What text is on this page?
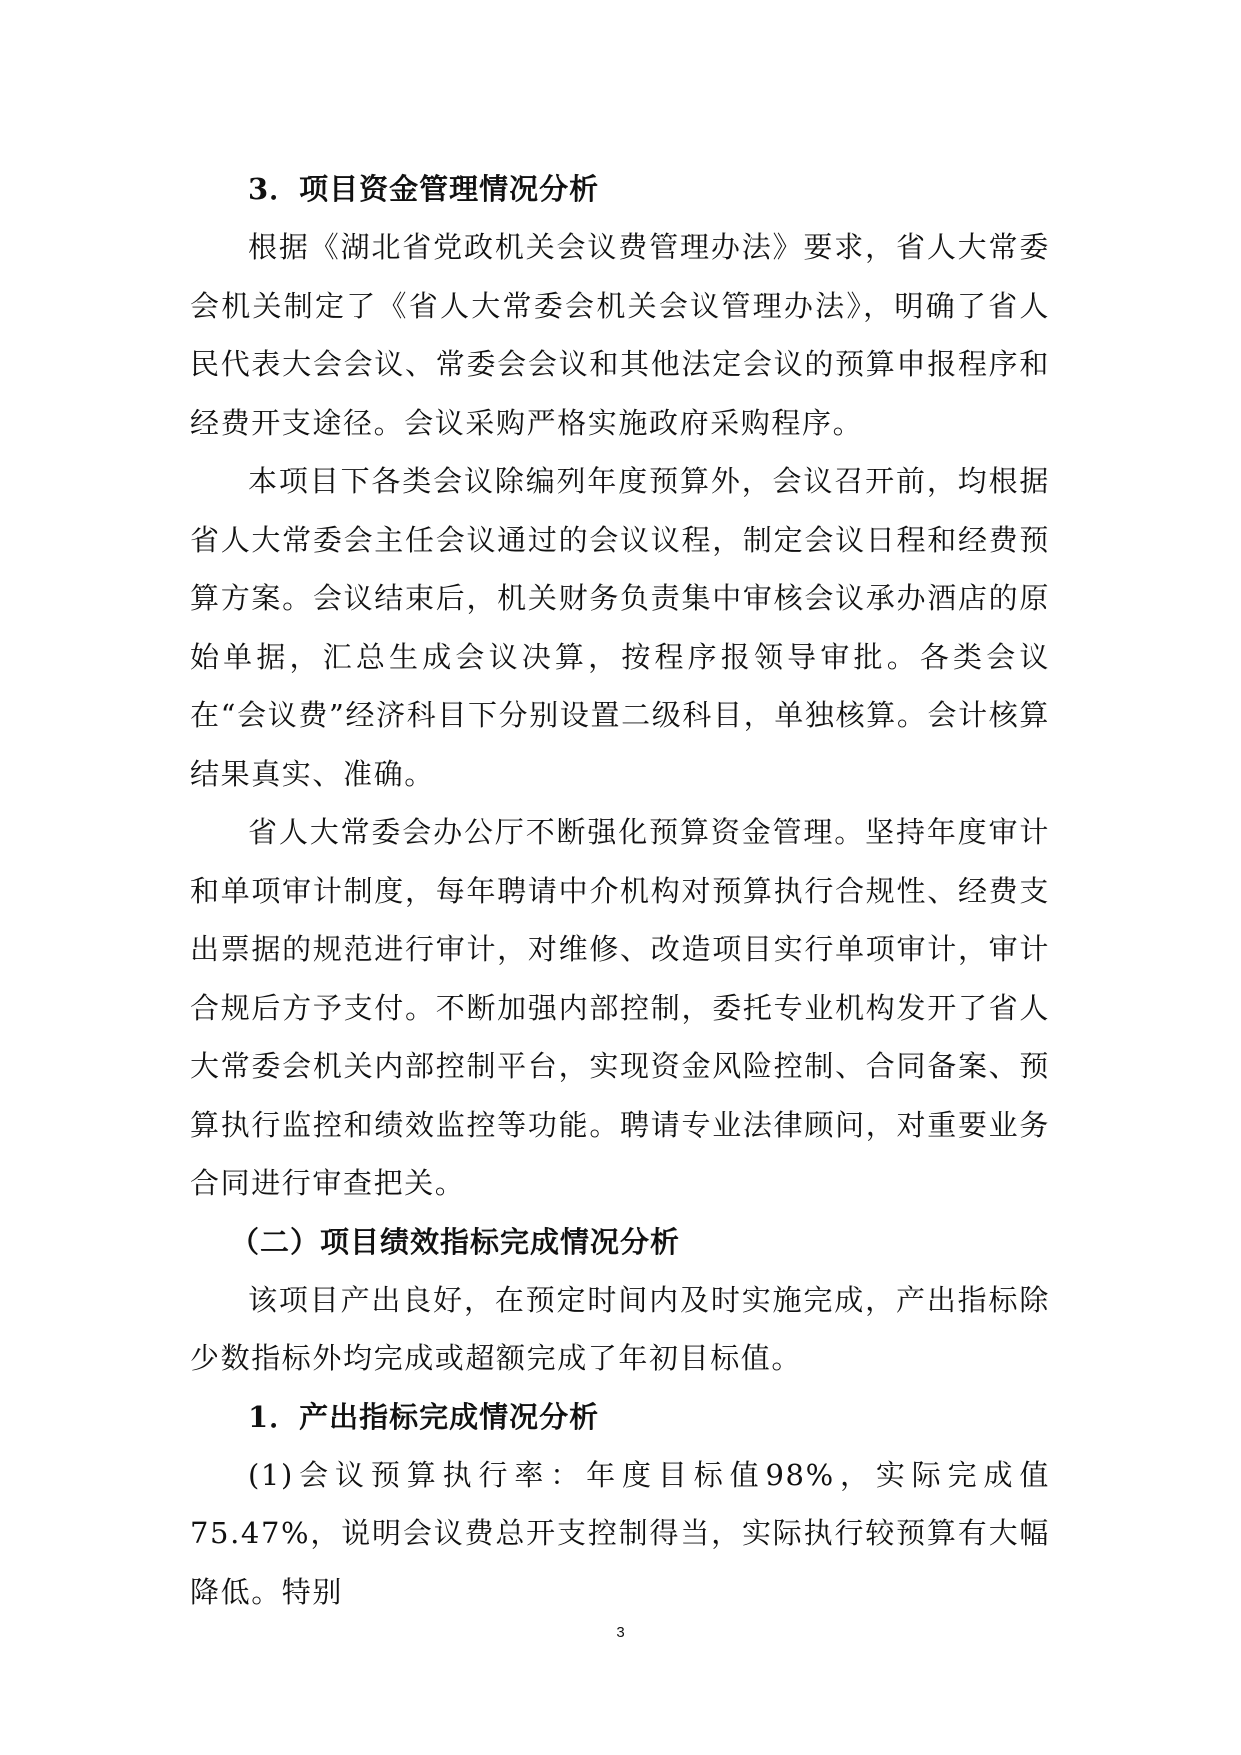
3．项目资金管理情况分析

根据《湖北省党政机关会议费管理办法》要求，省人大常委会机关制定了《省人大常委会机关会议管理办法》，明确了省人民代表大会会议、常委会会议和其他法定会议的预算申报程序和经费开支途径。会议采购严格实施政府采购程序。

本项目下各类会议除编列年度预算外，会议召开前，均根据省人大常委会主任会议通过的会议议程，制定会议日程和经费预算方案。会议结束后，机关财务负责集中审核会议承办酒店的原始单据，汇总生成会议决算，按程序报领导审批。各类会议在“会议费”经济科目下分别设置二级科目，单独核算。会计核算结果真实、准确。

省人大常委会办公厅不断强化预算资金管理。坚持年度审计和单项审计制度，每年聘请中介机构对预算执行合规性、经费支出票据的规范进行审计，对维修、改造项目实行单项审计，审计合规后方予支付。不断加强内部控制，委托专业机构发开了省人大常委会机关内部控制平台，实现资金风险控制、合同备案、预算执行监控和绩效监控等功能。聘请专业法律顾问，对重要业务合同进行审查把关。

（二）项目绩效指标完成情况分析

该项目产出良好，在预定时间内及时实施完成，产出指标除少数指标外均完成或超额完成了年初目标值。

1．产出指标完成情况分析

(1)会议预算执行率：年度目标值98%，实际完成值75.47%，说明会议费总开支控制得当，实际执行较预算有大幅降低。特别

3
